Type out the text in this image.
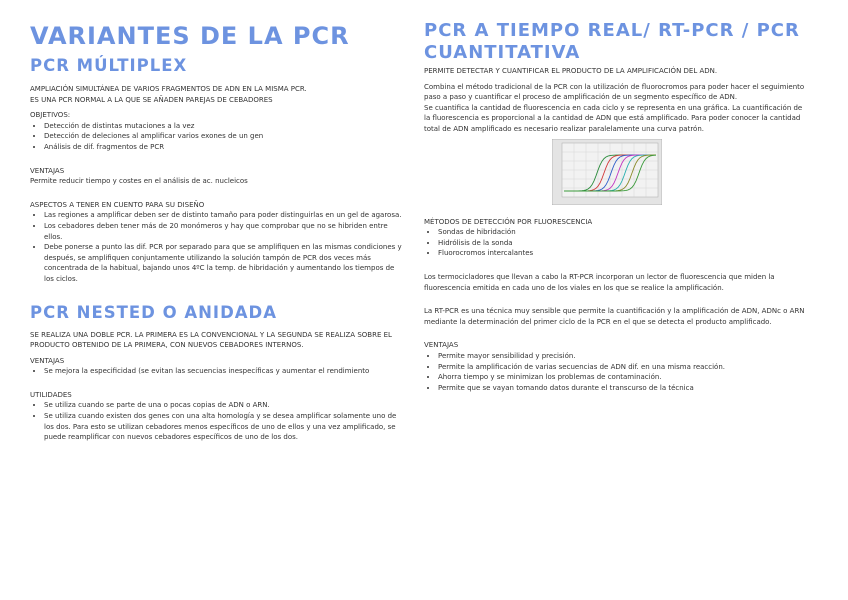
VARIANTES DE LA PCR
PCR MÚLTIPLEX

AMPLIACIÓN SIMULTÁNEA DE VARIOS FRAGMENTOS DE ADN EN LA MISMA PCR.

ES UNA PCR NORMAL A LA QUE SE AÑADEN PAREJAS DE CEBADORES

OBJETIVOS:

• Detección de distintas mutaciones a la vez
• Detección de deleciones al amplificar varios exones de un gen
• Análisis de dif. fragmentos de PCR

VENTAJAS

Permite reducir tiempo y costes en el análisis de ac. nucleicos

ASPECTOS A TENER EN CUENTO PARA SU DISEÑO

• Las regiones a amplificar deben ser de distinto tamaño para poder distinguirlas en un gel de agarosa.
• Los cebadores deben tener más de 20 monómeros y hay que comprobar que no se hibriden entre ellos.
• Debe ponerse a punto las dif. PCR por separado para que se amplifiquen en las mismas condiciones y después, se amplifiquen conjuntamente utilizando la solución tampón de PCR dos veces más concentrada de la habitual, bajando unos 4ºC la temp. de hibridación y aumentando los tiempos de los ciclos.
PCR NESTED O ANIDADA

SE REALIZA UNA DOBLE PCR. LA PRIMERA ES LA CONVENCIONAL Y LA SEGUNDA SE REALIZA SOBRE EL PRODUCTO OBTENIDO DE LA PRIMERA, CON NUEVOS CEBADORES INTERNOS.

VENTAJAS

• Se mejora la especificidad (se evitan las secuencias inespecíficas y aumentar el rendimiento

UTILIDADES

• Se utiliza cuando se parte de una o pocas copias de ADN o ARN.
• Se utiliza cuando existen dos genes con una alta homología y se desea amplificar solamente uno de los dos. Para esto se utilizan cebadores menos específicos de uno de ellos y una vez amplificado, se puede reamplificar con nuevos cebadores específicos de uno de los dos.
PCR A TIEMPO REAL/ RT-PCR / PCR CUANTITATIVA

PERMITE DETECTAR Y CUANTIFICAR EL PRODUCTO DE LA AMPLIFICACIÓN DEL ADN.

Combina el método tradicional de la PCR con la utilización de fluorocromos para poder hacer el seguimiento paso a paso y cuantificar el proceso de amplificación de un segmento específico de ADN.

Se cuantifica la cantidad de fluorescencia en cada ciclo y se representa en una gráfica. La cuantificación de la fluorescencia es proporcional a la cantidad de ADN que está amplificado. Para poder conocer la cantidad total de ADN amplificado es necesario realizar paralelamente una curva patrón.

MÉTODOS DE DETECCIÓN POR FLUORESCENCIA

• Sondas de hibridación
• Hidrólisis de la sonda
• Fluorocromos intercalantes

Los termocicladores que llevan a cabo la RT-PCR incorporan un lector de fluorescencia que miden la fluorescencia emitida en cada uno de los viales en los que se realice la amplificación.

La RT-PCR es una técnica muy sensible que permite la cuantificación y la amplificación de ADN, ADNc o ARN mediante la determinación del primer ciclo de la PCR en el que se detecta el producto amplificado.

VENTAJAS

• Permite mayor sensibilidad y precisión.
• Permite la amplificación de varias secuencias de ADN dif. en una misma reacción.
• Ahorra tiempo y se minimizan los problemas de contaminación.
• Permite que se vayan tomando datos durante el transcurso de la técnica
